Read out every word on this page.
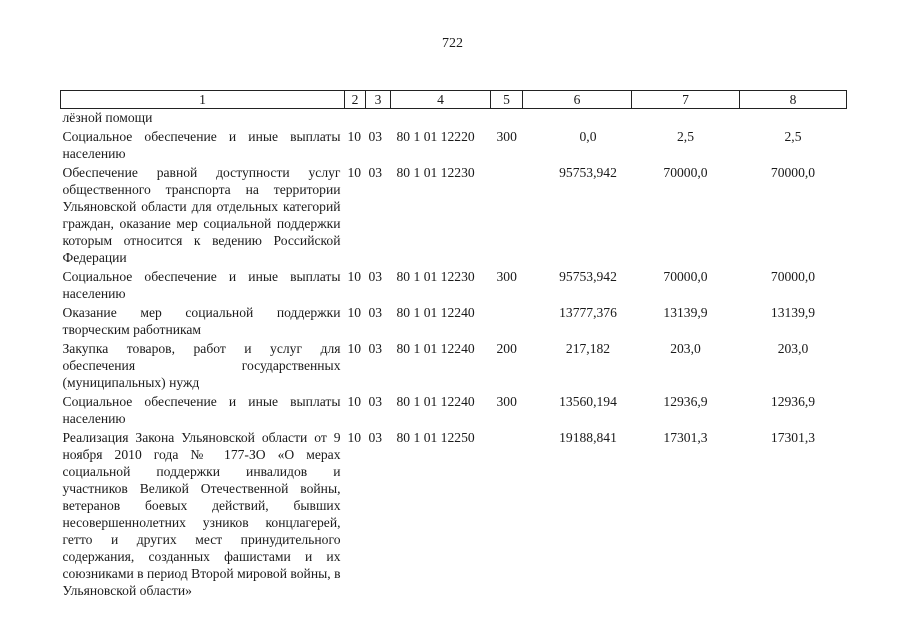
722
1	2	3	4	5	6	7	8
лёзной помощи							
Социальное обеспечение и иные выплаты населению	10	03	80 1 01 12220	300	0,0	2,5	2,5
Обеспечение равной доступности услуг общественного транспорта на территории Ульяновской области для отдельных категорий граждан, оказание мер социальной поддержки которым относится к ведению Российской Федерации	10	03	80 1 01 12230		95753,942	70000,0	70000,0
Социальное обеспечение и иные выплаты населению	10	03	80 1 01 12230	300	95753,942	70000,0	70000,0
Оказание мер социальной поддержки творческим работникам	10	03	80 1 01 12240		13777,376	13139,9	13139,9
Закупка товаров, работ и услуг для обеспечения государственных (муниципальных) нужд	10	03	80 1 01 12240	200	217,182	203,0	203,0
Социальное обеспечение и иные выплаты населению	10	03	80 1 01 12240	300	13560,194	12936,9	12936,9
Реализация Закона Ульяновской области от 9 ноября 2010 года № 177-ЗО «О мерах социальной поддержки инвалидов и участников Великой Отечественной войны, ветеранов боевых действий, бывших несовершеннолетних узников концлагерей, гетто и других мест принудительного содержания, созданных фашистами и их союзниками в период Второй мировой войны, в Ульяновской области»	10	03	80 1 01 12250		19188,841	17301,3	17301,3
